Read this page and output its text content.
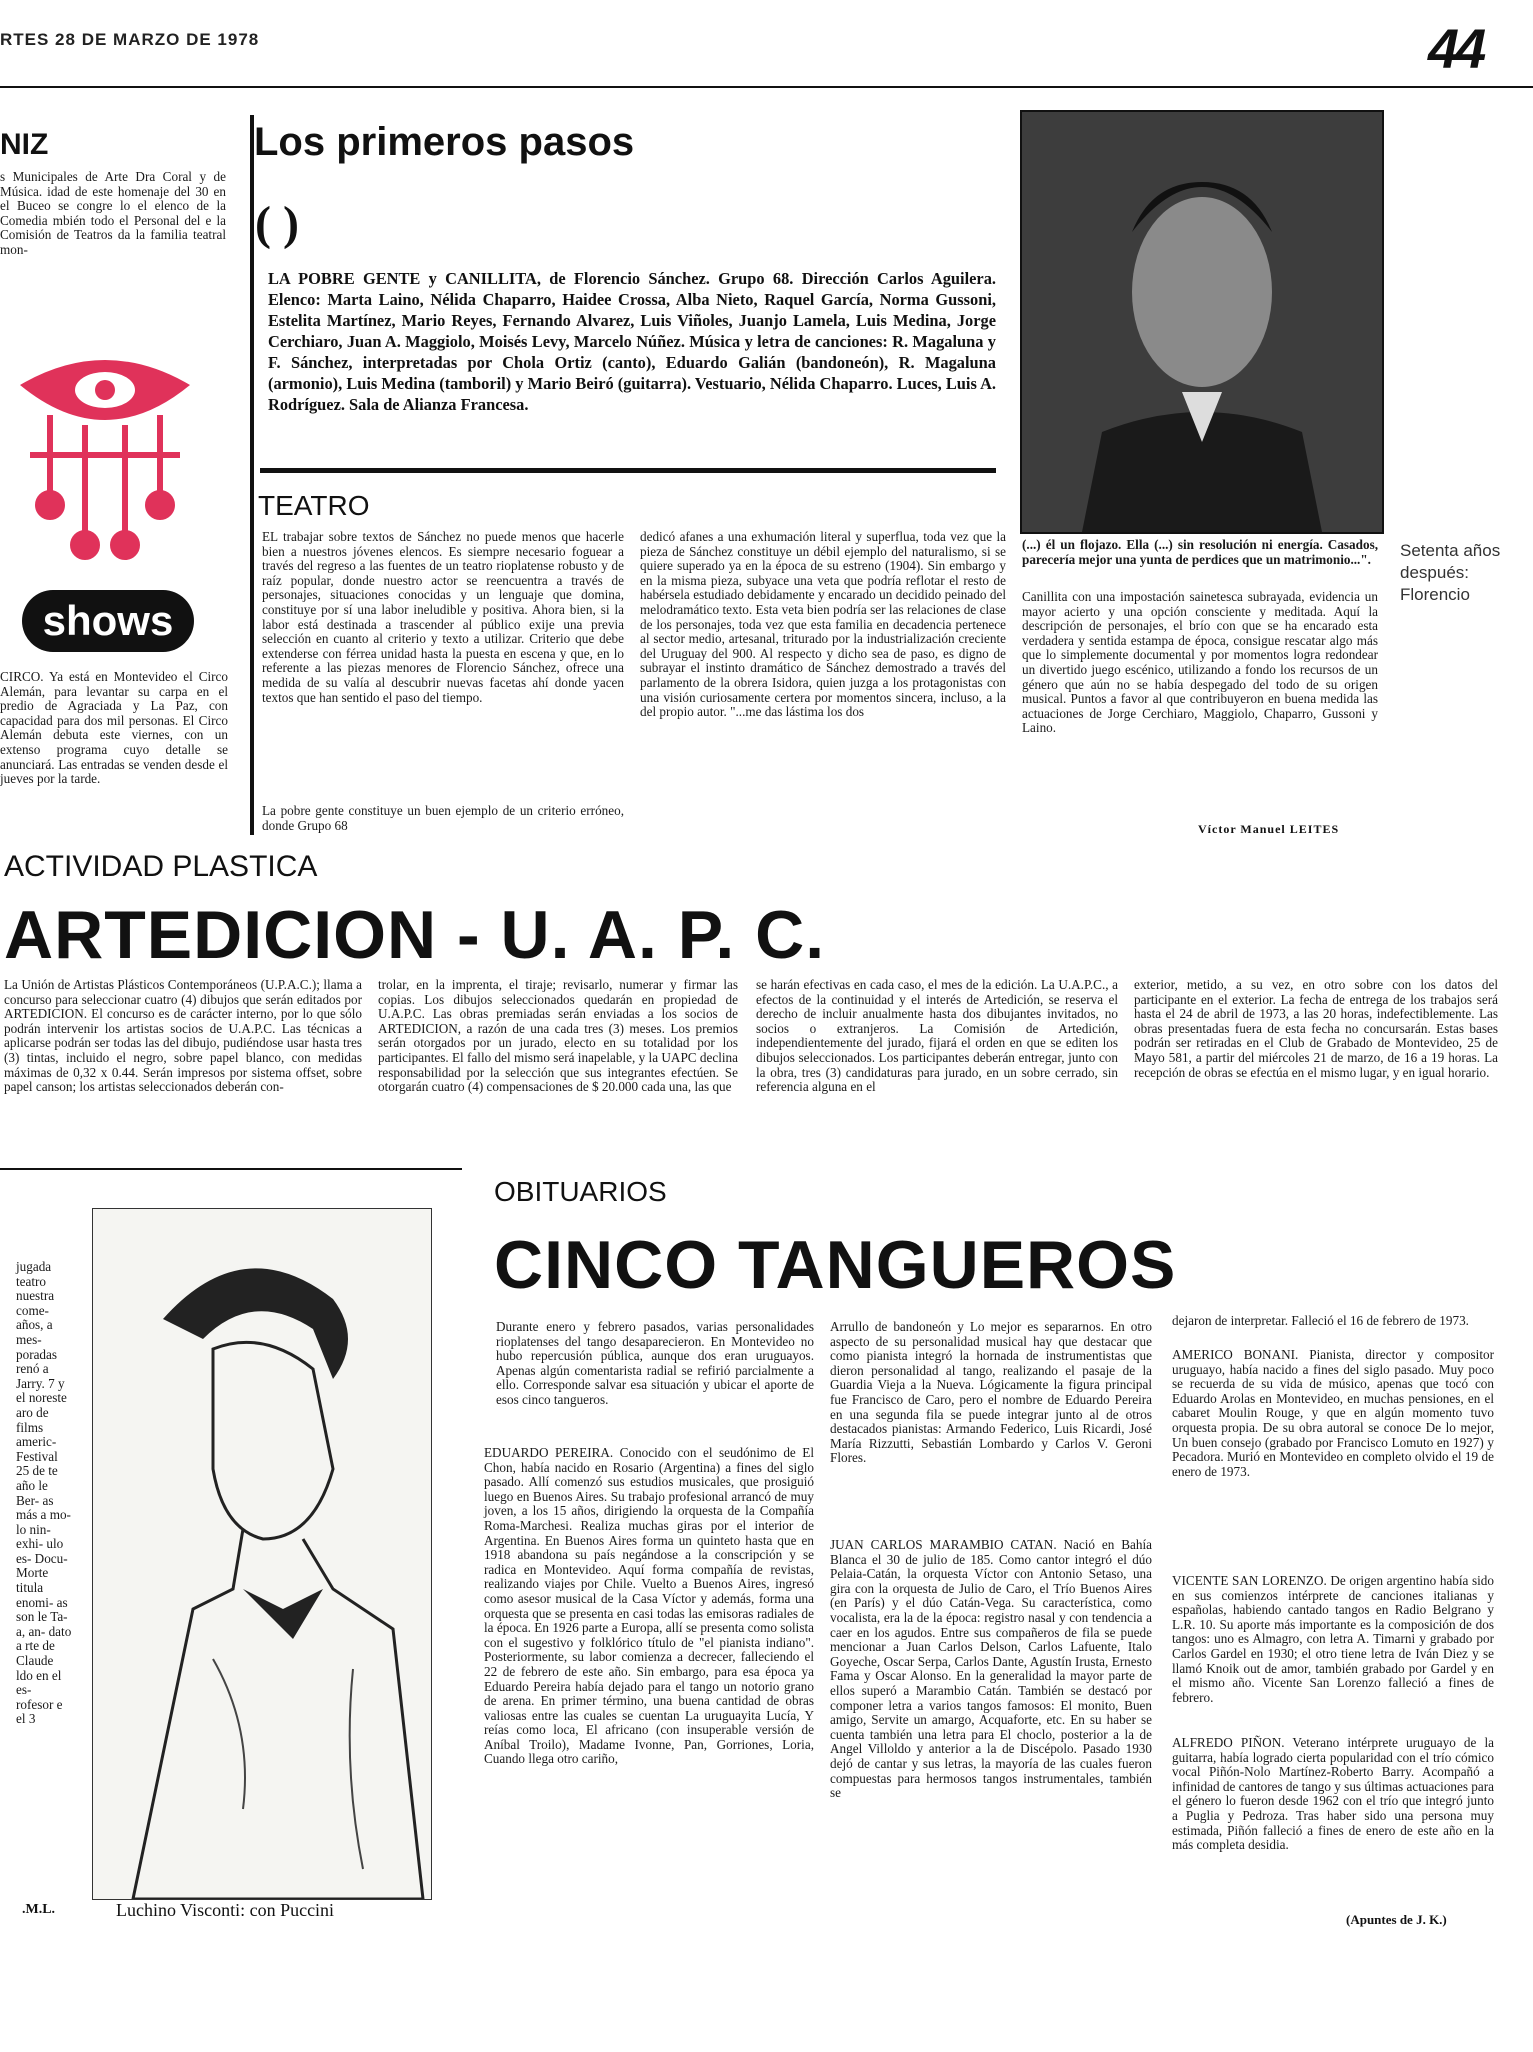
RTES 28 DE MARZO DE 1978	44
NIZ
s Municipales de Arte Dra Coral y de Música. idad de este homenaje del 30 en el Buceo se congre lo el elenco de la Comedia mbién todo el Personal del e la Comisión de Teatros da la familia teatral mon-
shows
CIRCO. Ya está en Montevideo el Circo Alemán, para levantar su carpa en el predio de Agraciada y La Paz, con capacidad para dos mil personas. El Circo Alemán debuta este viernes, con un extenso programa cuyo detalle se anunciará. Las entradas se venden desde el jueves por la tarde.
Los primeros pasos
( )
LA POBRE GENTE y CANILLITA, de Florencio Sánchez. Grupo 68. Dirección Carlos Aguilera. Elenco: Marta Laino, Nélida Chaparro, Haidee Crossa, Alba Nieto, Raquel García, Norma Gussoni, Estelita Martínez, Mario Reyes, Fernando Alvarez, Luis Viñoles, Juanjo Lamela, Luis Medina, Jorge Cerchiaro, Juan A. Maggiolo, Moisés Levy, Marcelo Núñez. Música y letra de canciones: R. Magaluna y F. Sánchez, interpretadas por Chola Ortiz (canto), Eduardo Galián (bandoneón), R. Magaluna (armonio), Luis Medina (tamboril) y Mario Beiró (guitarra). Vestuario, Nélida Chaparro. Luces, Luis A. Rodríguez. Sala de Alianza Francesa.
TEATRO
EL trabajar sobre textos de Sánchez no puede menos que hacerle bien a nuestros jóvenes elencos. Es siempre necesario foguear a través del regreso a las fuentes de un teatro rioplatense robusto y de raíz popular, donde nuestro actor se reencuentra a través de personajes, situaciones conocidas y un lenguaje que domina, constituye por sí una labor ineludible y positiva. Ahora bien, si la labor está destinada a trascender al público exije una previa selección en cuanto al criterio y texto a utilizar. Criterio que debe extenderse con férrea unidad hasta la puesta en escena y que, en lo referente a las piezas menores de Florencio Sánchez, ofrece una medida de su valía al descubrir nuevas facetas ahí donde yacen textos que han sentido el paso del tiempo.
La pobre gente constituye un buen ejemplo de un criterio erróneo, donde Grupo 68
dedicó afanes a una exhumación literal y superflua, toda vez que la pieza de Sánchez constituye un débil ejemplo del naturalismo, si se quiere superado ya en la época de su estreno (1904). Sin embargo y en la misma pieza, subyace una veta que podría reflotar el resto de habérsela estudiado debidamente y encarado un decidido peinado del melodramático texto. Esta veta bien podría ser las relaciones de clase de los personajes, toda vez que esta familia en decadencia pertenece al sector medio, artesanal, triturado por la industrialización creciente del Uruguay del 900. Al respecto y dicho sea de paso, es digno de subrayar el instinto dramático de Sánchez demostrado a través del parlamento de la obrera Isidora, quien juzga a los protagonistas con una visión curiosamente certera por momentos sincera, incluso, a la del propio autor. "...me das lástima los dos
Setenta años después: Florencio
(...) él un flojazo. Ella (...) sin resolución ni energía. Casados, parecería mejor una yunta de perdices que un matrimonio...".
Canillita con una impostación sainetesca subrayada, evidencia un mayor acierto y una opción consciente y meditada. Aquí la descripción de personajes, el brío con que se ha encarado esta verdadera y sentida estampa de época, consigue rescatar algo más que lo simplemente documental y por momentos logra redondear un divertido juego escénico, utilizando a fondo los recursos de un género que aún no se había despegado del todo de su origen musical. Puntos a favor al que contribuyeron en buena medida las actuaciones de Jorge Cerchiaro, Maggiolo, Chaparro, Gussoni y Laino.
Víctor Manuel LEITES
ACTIVIDAD PLASTICA
ARTEDICION - U. A. P. C.
La Unión de Artistas Plásticos Contemporáneos (U.P.A.C.); llama a concurso para seleccionar cuatro (4) dibujos que serán editados por ARTEDICION. El concurso es de carácter interno, por lo que sólo podrán intervenir los artistas socios de U.A.P.C. Las técnicas a aplicarse podrán ser todas las del dibujo, pudiéndose usar hasta tres (3) tintas, incluido el negro, sobre papel blanco, con medidas máximas de 0,32 x 0.44. Serán impresos por sistema offset, sobre papel canson; los artistas seleccionados deberán con-
trolar, en la imprenta, el tiraje; revisarlo, numerar y firmar las copias. Los dibujos seleccionados quedarán en propiedad de U.A.P.C. Las obras premiadas serán enviadas a los socios de ARTEDICION, a razón de una cada tres (3) meses. Los premios serán otorgados por un jurado, electo en su totalidad por los participantes. El fallo del mismo será inapelable, y la UAPC declina responsabilidad por la selección que sus integrantes efectúen. Se otorgarán cuatro (4) compensaciones de $ 20.000 cada una, las que
se harán efectivas en cada caso, el mes de la edición. La U.A.P.C., a efectos de la continuidad y el interés de Artedición, se reserva el derecho de incluir anualmente hasta dos dibujantes invitados, no socios o extranjeros. La Comisión de Artedición, independientemente del jurado, fijará el orden en que se editen los dibujos seleccionados. Los participantes deberán entregar, junto con la obra, tres (3) candidaturas para jurado, en un sobre cerrado, sin referencia alguna en el
exterior, metido, a su vez, en otro sobre con los datos del participante en el exterior. La fecha de entrega de los trabajos será hasta el 24 de abril de 1973, a las 20 horas, indefectiblemente. Las obras presentadas fuera de esta fecha no concursarán. Estas bases podrán ser retiradas en el Club de Grabado de Montevideo, 25 de Mayo 581, a partir del miércoles 21 de marzo, de 16 a 19 horas. La recepción de obras se efectúa en el mismo lugar, y en igual horario.
jugada teatro nuestra come- años, a mes- poradas renó a Jarry. 7 y el noreste aro de films americ- Festival 25 de te año le Ber- as más a mo- lo nin- exhi- ulo es- Docu- Morte titula enomi- as son le Ta- a, an- dato a rte de Claude ldo en el es- rofesor e el 3
.M.L.	Luchino Visconti: con Puccini
OBITUARIOS
CINCO TANGUEROS
Durante enero y febrero pasados, varias personalidades rioplatenses del tango desaparecieron. En Montevideo no hubo repercusión pública, aunque dos eran uruguayos. Apenas algún comentarista radial se refirió parcialmente a ello. Corresponde salvar esa situación y ubicar el aporte de esos cinco tangueros.
EDUARDO PEREIRA. Conocido con el seudónimo de El Chon, había nacido en Rosario (Argentina) a fines del siglo pasado. Allí comenzó sus estudios musicales, que prosiguió luego en Buenos Aires. Su trabajo profesional arrancó de muy joven, a los 15 años, dirigiendo la orquesta de la Compañía Roma-Marchesi. Realiza muchas giras por el interior de Argentina. En Buenos Aires forma un quinteto hasta que en 1918 abandona su país negándose a la conscripción y se radica en Montevideo. Aquí forma compañía de revistas, realizando viajes por Chile. Vuelto a Buenos Aires, ingresó como asesor musical de la Casa Víctor y además, forma una orquesta que se presenta en casi todas las emisoras radiales de la época. En 1926 parte a Europa, allí se presenta como solista con el sugestivo y folklórico título de "el pianista indiano". Posteriormente, su labor comienza a decrecer, falleciendo el 22 de febrero de este año. Sin embargo, para esa época ya Eduardo Pereira había dejado para el tango un notorio grano de arena. En primer término, una buena cantidad de obras valiosas entre las cuales se cuentan La uruguayita Lucía, Y reías como loca, El africano (con insuperable versión de Aníbal Troilo), Madame Ivonne, Pan, Gorriones, Loria, Cuando llega otro cariño,
Arrullo de bandoneón y Lo mejor es separarnos. En otro aspecto de su personalidad musical hay que destacar que como pianista integró la hornada de instrumentistas que dieron personalidad al tango, realizando el pasaje de la Guardia Vieja a la Nueva. Lógicamente la figura principal fue Francisco de Caro, pero el nombre de Eduardo Pereira en una segunda fila se puede integrar junto al de otros destacados pianistas: Armando Federico, Luis Ricardi, José María Rizzutti, Sebastián Lombardo y Carlos V. Geroni Flores.
JUAN CARLOS MARAMBIO CATAN. Nació en Bahía Blanca el 30 de julio de 185. Como cantor integró el dúo Pelaia-Catán, la orquesta Víctor con Antonio Setaso, una gira con la orquesta de Julio de Caro, el Trío Buenos Aires (en París) y el dúo Catán-Vega. Su característica, como vocalista, era la de la época: registro nasal y con tendencia a caer en los agudos. Entre sus compañeros de fila se puede mencionar a Juan Carlos Delson, Carlos Lafuente, Italo Goyeche, Oscar Serpa, Carlos Dante, Agustín Irusta, Ernesto Fama y Oscar Alonso. En la generalidad la mayor parte de ellos superó a Marambio Catán. También se destacó por componer letra a varios tangos famosos: El monito, Buen amigo, Servite un amargo, Acquaforte, etc. En su haber se cuenta también una letra para El choclo, posterior a la de Angel Villoldo y anterior a la de Discépolo. Pasado 1930 dejó de cantar y sus letras, la mayoría de las cuales fueron compuestas para hermosos tangos instrumentales, también se
dejaron de interpretar. Falleció el 16 de febrero de 1973.
AMERICO BONANI. Pianista, director y compositor uruguayo, había nacido a fines del siglo pasado. Muy poco se recuerda de su vida de músico, apenas que tocó con Eduardo Arolas en Montevideo, en muchas pensiones, en el cabaret Moulin Rouge, y que en algún momento tuvo orquesta propia. De su obra autoral se conoce De lo mejor, Un buen consejo (grabado por Francisco Lomuto en 1927) y Pecadora. Murió en Montevideo en completo olvido el 19 de enero de 1973.
VICENTE SAN LORENZO. De origen argentino había sido en sus comienzos intérprete de canciones italianas y españolas, habiendo cantado tangos en Radio Belgrano y L.R. 10. Su aporte más importante es la composición de dos tangos: uno es Almagro, con letra A. Timarni y grabado por Carlos Gardel en 1930; el otro tiene letra de Iván Diez y se llamó Knoik out de amor, también grabado por Gardel y en el mismo año. Vicente San Lorenzo falleció a fines de febrero.
ALFREDO PIÑON. Veterano intérprete uruguayo de la guitarra, había logrado cierta popularidad con el trío cómico vocal Piñón-Nolo Martínez-Roberto Barry. Acompañó a infinidad de cantores de tango y sus últimas actuaciones para el género lo fueron desde 1962 con el trío que integró junto a Puglia y Pedroza. Tras haber sido una persona muy estimada, Piñón falleció a fines de enero de este año en la más completa desidia.
(Apuntes de J. K.)
